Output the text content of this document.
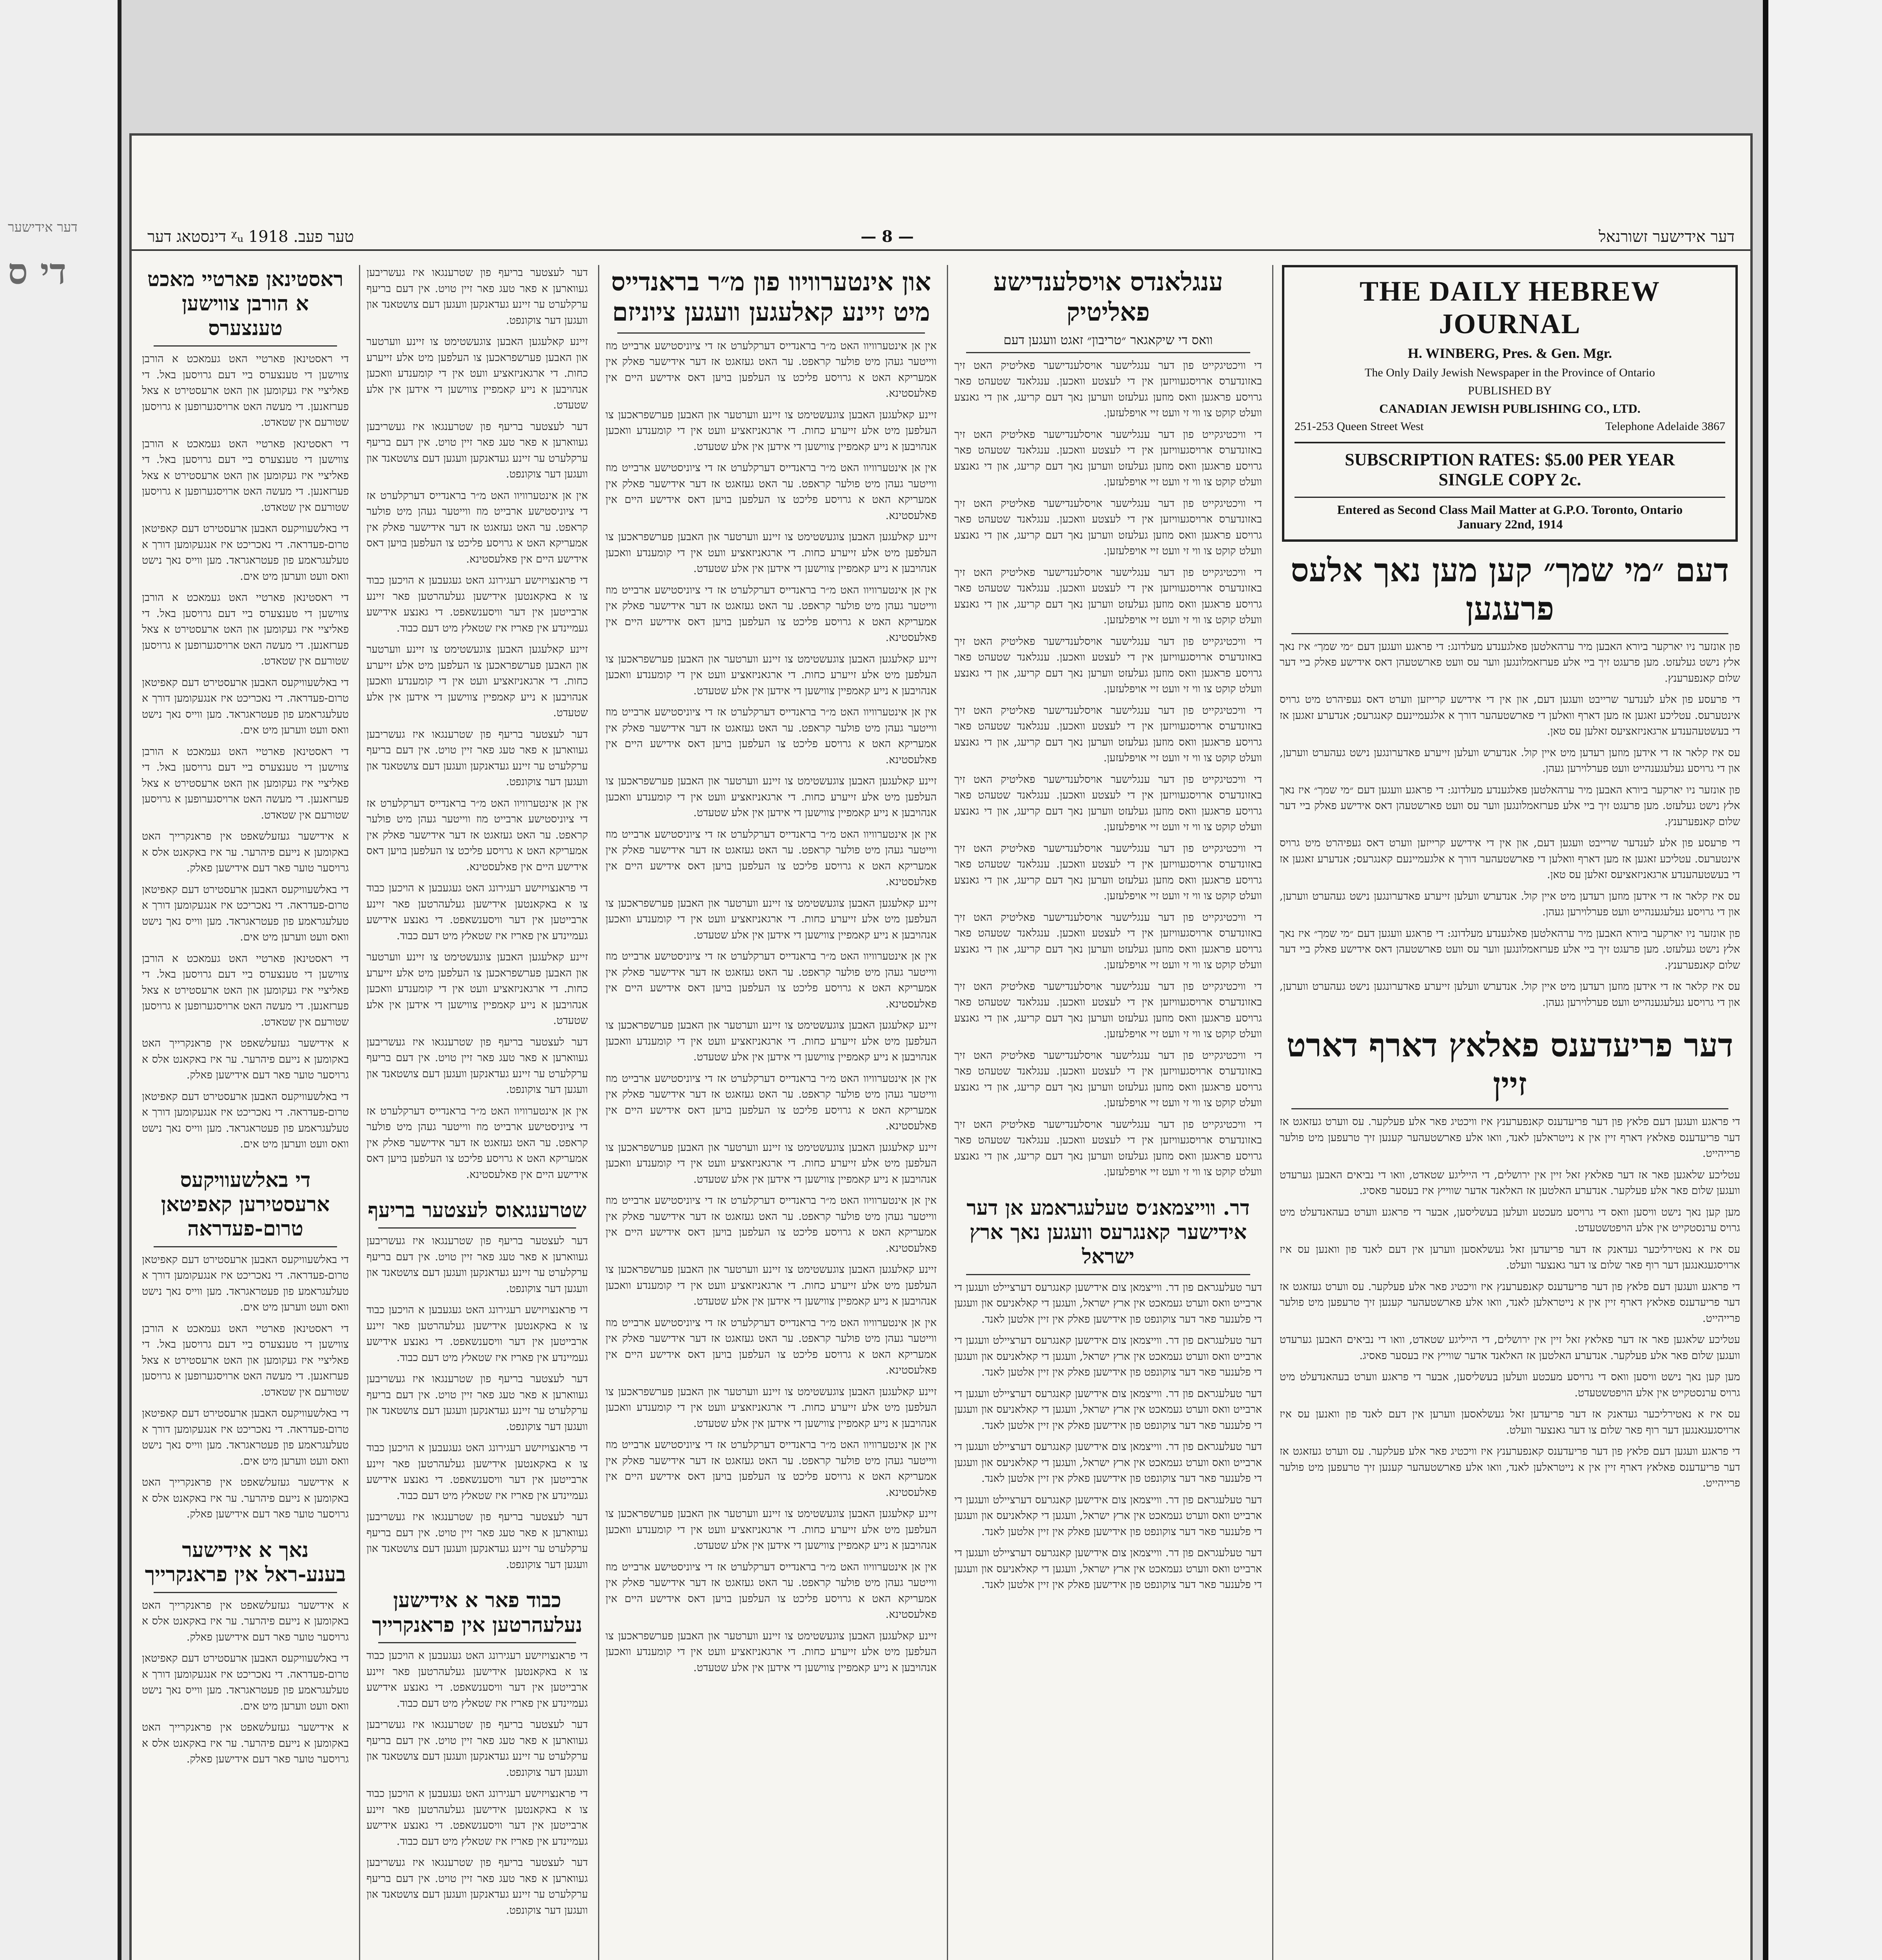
דער אידישער
די ס
דינסטאג דער ᵡᵤ טער פעב. 1918	— 8 —	דער אידישער זשורנאל
ראסטינאן פארטיי מאכט א הורבן צווישען טענצערס

די ראסטינאן פארטיי האט געמאכט א הורבן צווישען די טענצערס ביי דעם גרויסען באל. די פאליציי איז געקומען און האט ארעסטירט א צאל פערזאנען. די מעשה האט ארויסגערופען א גרויסען שטורעם אין שטאדט.

די ראסטינאן פארטיי האט געמאכט א הורבן צווישען די טענצערס ביי דעם גרויסען באל. די פאליציי איז געקומען און האט ארעסטירט א צאל פערזאנען. די מעשה האט ארויסגערופען א גרויסען שטורעם אין שטאדט.

די באלשעוויקעס האבען ארעסטירט דעם קאפיטאן טרום-פעדראה. די נאכריכט איז אנגעקומען דורך א טעלעגראמע פון פעטראגראד. מען ווייס נאך נישט וואס וועט ווערען מיט אים.

די ראסטינאן פארטיי האט געמאכט א הורבן צווישען די טענצערס ביי דעם גרויסען באל. די פאליציי איז געקומען און האט ארעסטירט א צאל פערזאנען. די מעשה האט ארויסגערופען א גרויסען שטורעם אין שטאדט.

די באלשעוויקעס האבען ארעסטירט דעם קאפיטאן טרום-פעדראה. די נאכריכט איז אנגעקומען דורך א טעלעגראמע פון פעטראגראד. מען ווייס נאך נישט וואס וועט ווערען מיט אים.

די ראסטינאן פארטיי האט געמאכט א הורבן צווישען די טענצערס ביי דעם גרויסען באל. די פאליציי איז געקומען און האט ארעסטירט א צאל פערזאנען. די מעשה האט ארויסגערופען א גרויסען שטורעם אין שטאדט.

א אידישער געזעלשאפט אין פראנקרייך האט באקומען א נייעם פיהרער. ער איז באקאנט אלס א גרויסער טוער פאר דעם אידישען פאלק.

די באלשעוויקעס האבען ארעסטירט דעם קאפיטאן טרום-פעדראה. די נאכריכט איז אנגעקומען דורך א טעלעגראמע פון פעטראגראד. מען ווייס נאך נישט וואס וועט ווערען מיט אים.

די ראסטינאן פארטיי האט געמאכט א הורבן צווישען די טענצערס ביי דעם גרויסען באל. די פאליציי איז געקומען און האט ארעסטירט א צאל פערזאנען. די מעשה האט ארויסגערופען א גרויסען שטורעם אין שטאדט.

א אידישער געזעלשאפט אין פראנקרייך האט באקומען א נייעם פיהרער. ער איז באקאנט אלס א גרויסער טוער פאר דעם אידישען פאלק.

די באלשעוויקעס האבען ארעסטירט דעם קאפיטאן טרום-פעדראה. די נאכריכט איז אנגעקומען דורך א טעלעגראמע פון פעטראגראד. מען ווייס נאך נישט וואס וועט ווערען מיט אים.

די באלשעוויקעס ארעסטירען קאפיטאן טרום-פעדראה

די באלשעוויקעס האבען ארעסטירט דעם קאפיטאן טרום-פעדראה. די נאכריכט איז אנגעקומען דורך א טעלעגראמע פון פעטראגראד. מען ווייס נאך נישט וואס וועט ווערען מיט אים.

די ראסטינאן פארטיי האט געמאכט א הורבן צווישען די טענצערס ביי דעם גרויסען באל. די פאליציי איז געקומען און האט ארעסטירט א צאל פערזאנען. די מעשה האט ארויסגערופען א גרויסען שטורעם אין שטאדט.

די באלשעוויקעס האבען ארעסטירט דעם קאפיטאן טרום-פעדראה. די נאכריכט איז אנגעקומען דורך א טעלעגראמע פון פעטראגראד. מען ווייס נאך נישט וואס וועט ווערען מיט אים.

א אידישער געזעלשאפט אין פראנקרייך האט באקומען א נייעם פיהרער. ער איז באקאנט אלס א גרויסער טוער פאר דעם אידישען פאלק.

נאך א אידישער בענע-ראל אין פראנקרייך

א אידישער געזעלשאפט אין פראנקרייך האט באקומען א נייעם פיהרער. ער איז באקאנט אלס א גרויסער טוער פאר דעם אידישען פאלק.

די באלשעוויקעס האבען ארעסטירט דעם קאפיטאן טרום-פעדראה. די נאכריכט איז אנגעקומען דורך א טעלעגראמע פון פעטראגראד. מען ווייס נאך נישט וואס וועט ווערען מיט אים.

א אידישער געזעלשאפט אין פראנקרייך האט באקומען א נייעם פיהרער. ער איז באקאנט אלס א גרויסער טוער פאר דעם אידישען פאלק.

דער לעצטער בריעף פון שטרענגאו איז געשריבען געווארען א פאר טעג פאר זיין טויט. אין דעם בריעף ערקלערט ער זיינע געדאנקען וועגען דעם צושטאנד און וועגען דער צוקונפט.

זיינע קאלעגען האבען צוגעשטימט צו זיינע ווערטער און האבען פערשפראכען צו העלפען מיט אלע זייערע כחות. די ארגאניזאציע וועט אין די קומענדע וואכען אנהויבען א נייע קאמפיין צווישען די אידען אין אלע שטעדט.

דער לעצטער בריעף פון שטרענגאו איז געשריבען געווארען א פאר טעג פאר זיין טויט. אין דעם בריעף ערקלערט ער זיינע געדאנקען וועגען דעם צושטאנד און וועגען דער צוקונפט.

אין אן אינטערוויוו האט מ״ר בראנדייס דערקלערט אז די ציוניסטישע ארבייט מוז ווייטער געהן מיט פולער קראפט. ער האט געזאגט אז דער אידישער פאלק אין אמעריקא האט א גרויסע פליכט צו העלפען בויען דאס אידישע היים אין פאלעסטינא.

די פראנצויזישע רעגירונג האט געגעבען א הויכען כבוד צו א באקאנטען אידישען געלעהרטען פאר זיינע ארבייטען אין דער וויסענשאפט. די גאנצע אידישע געמיינדע אין פאריז איז שטאלץ מיט דעם כבוד.

זיינע קאלעגען האבען צוגעשטימט צו זיינע ווערטער און האבען פערשפראכען צו העלפען מיט אלע זייערע כחות. די ארגאניזאציע וועט אין די קומענדע וואכען אנהויבען א נייע קאמפיין צווישען די אידען אין אלע שטעדט.

דער לעצטער בריעף פון שטרענגאו איז געשריבען געווארען א פאר טעג פאר זיין טויט. אין דעם בריעף ערקלערט ער זיינע געדאנקען וועגען דעם צושטאנד און וועגען דער צוקונפט.

אין אן אינטערוויוו האט מ״ר בראנדייס דערקלערט אז די ציוניסטישע ארבייט מוז ווייטער געהן מיט פולער קראפט. ער האט געזאגט אז דער אידישער פאלק אין אמעריקא האט א גרויסע פליכט צו העלפען בויען דאס אידישע היים אין פאלעסטינא.

די פראנצויזישע רעגירונג האט געגעבען א הויכען כבוד צו א באקאנטען אידישען געלעהרטען פאר זיינע ארבייטען אין דער וויסענשאפט. די גאנצע אידישע געמיינדע אין פאריז איז שטאלץ מיט דעם כבוד.

זיינע קאלעגען האבען צוגעשטימט צו זיינע ווערטער און האבען פערשפראכען צו העלפען מיט אלע זייערע כחות. די ארגאניזאציע וועט אין די קומענדע וואכען אנהויבען א נייע קאמפיין צווישען די אידען אין אלע שטעדט.

דער לעצטער בריעף פון שטרענגאו איז געשריבען געווארען א פאר טעג פאר זיין טויט. אין דעם בריעף ערקלערט ער זיינע געדאנקען וועגען דעם צושטאנד און וועגען דער צוקונפט.

אין אן אינטערוויוו האט מ״ר בראנדייס דערקלערט אז די ציוניסטישע ארבייט מוז ווייטער געהן מיט פולער קראפט. ער האט געזאגט אז דער אידישער פאלק אין אמעריקא האט א גרויסע פליכט צו העלפען בויען דאס אידישע היים אין פאלעסטינא.

שטרענגאוס לעצטער בריעף

דער לעצטער בריעף פון שטרענגאו איז געשריבען געווארען א פאר טעג פאר זיין טויט. אין דעם בריעף ערקלערט ער זיינע געדאנקען וועגען דעם צושטאנד און וועגען דער צוקונפט.

די פראנצויזישע רעגירונג האט געגעבען א הויכען כבוד צו א באקאנטען אידישען געלעהרטען פאר זיינע ארבייטען אין דער וויסענשאפט. די גאנצע אידישע געמיינדע אין פאריז איז שטאלץ מיט דעם כבוד.

דער לעצטער בריעף פון שטרענגאו איז געשריבען געווארען א פאר טעג פאר זיין טויט. אין דעם בריעף ערקלערט ער זיינע געדאנקען וועגען דעם צושטאנד און וועגען דער צוקונפט.

די פראנצויזישע רעגירונג האט געגעבען א הויכען כבוד צו א באקאנטען אידישען געלעהרטען פאר זיינע ארבייטען אין דער וויסענשאפט. די גאנצע אידישע געמיינדע אין פאריז איז שטאלץ מיט דעם כבוד.

דער לעצטער בריעף פון שטרענגאו איז געשריבען געווארען א פאר טעג פאר זיין טויט. אין דעם בריעף ערקלערט ער זיינע געדאנקען וועגען דעם צושטאנד און וועגען דער צוקונפט.

כבוד פאר א אידישען נעלעהרטען אין פראנקרייך

די פראנצויזישע רעגירונג האט געגעבען א הויכען כבוד צו א באקאנטען אידישען געלעהרטען פאר זיינע ארבייטען אין דער וויסענשאפט. די גאנצע אידישע געמיינדע אין פאריז איז שטאלץ מיט דעם כבוד.

דער לעצטער בריעף פון שטרענגאו איז געשריבען געווארען א פאר טעג פאר זיין טויט. אין דעם בריעף ערקלערט ער זיינע געדאנקען וועגען דעם צושטאנד און וועגען דער צוקונפט.

די פראנצויזישע רעגירונג האט געגעבען א הויכען כבוד צו א באקאנטען אידישען געלעהרטען פאר זיינע ארבייטען אין דער וויסענשאפט. די גאנצע אידישע געמיינדע אין פאריז איז שטאלץ מיט דעם כבוד.

דער לעצטער בריעף פון שטרענגאו איז געשריבען געווארען א פאר טעג פאר זיין טויט. אין דעם בריעף ערקלערט ער זיינע געדאנקען וועגען דעם צושטאנד און וועגען דער צוקונפט.

און אינטערוויוו פון מ״ר בראנדייס מיט זיינע קאלעגען וועגען ציוניזם

אין אן אינטערוויוו האט מ״ר בראנדייס דערקלערט אז די ציוניסטישע ארבייט מוז ווייטער געהן מיט פולער קראפט. ער האט געזאגט אז דער אידישער פאלק אין אמעריקא האט א גרויסע פליכט צו העלפען בויען דאס אידישע היים אין פאלעסטינא.

זיינע קאלעגען האבען צוגעשטימט צו זיינע ווערטער און האבען פערשפראכען צו העלפען מיט אלע זייערע כחות. די ארגאניזאציע וועט אין די קומענדע וואכען אנהויבען א נייע קאמפיין צווישען די אידען אין אלע שטעדט.

אין אן אינטערוויוו האט מ״ר בראנדייס דערקלערט אז די ציוניסטישע ארבייט מוז ווייטער געהן מיט פולער קראפט. ער האט געזאגט אז דער אידישער פאלק אין אמעריקא האט א גרויסע פליכט צו העלפען בויען דאס אידישע היים אין פאלעסטינא.

זיינע קאלעגען האבען צוגעשטימט צו זיינע ווערטער און האבען פערשפראכען צו העלפען מיט אלע זייערע כחות. די ארגאניזאציע וועט אין די קומענדע וואכען אנהויבען א נייע קאמפיין צווישען די אידען אין אלע שטעדט.

אין אן אינטערוויוו האט מ״ר בראנדייס דערקלערט אז די ציוניסטישע ארבייט מוז ווייטער געהן מיט פולער קראפט. ער האט געזאגט אז דער אידישער פאלק אין אמעריקא האט א גרויסע פליכט צו העלפען בויען דאס אידישע היים אין פאלעסטינא.

זיינע קאלעגען האבען צוגעשטימט צו זיינע ווערטער און האבען פערשפראכען צו העלפען מיט אלע זייערע כחות. די ארגאניזאציע וועט אין די קומענדע וואכען אנהויבען א נייע קאמפיין צווישען די אידען אין אלע שטעדט.

אין אן אינטערוויוו האט מ״ר בראנדייס דערקלערט אז די ציוניסטישע ארבייט מוז ווייטער געהן מיט פולער קראפט. ער האט געזאגט אז דער אידישער פאלק אין אמעריקא האט א גרויסע פליכט צו העלפען בויען דאס אידישע היים אין פאלעסטינא.

זיינע קאלעגען האבען צוגעשטימט צו זיינע ווערטער און האבען פערשפראכען צו העלפען מיט אלע זייערע כחות. די ארגאניזאציע וועט אין די קומענדע וואכען אנהויבען א נייע קאמפיין צווישען די אידען אין אלע שטעדט.

אין אן אינטערוויוו האט מ״ר בראנדייס דערקלערט אז די ציוניסטישע ארבייט מוז ווייטער געהן מיט פולער קראפט. ער האט געזאגט אז דער אידישער פאלק אין אמעריקא האט א גרויסע פליכט צו העלפען בויען דאס אידישע היים אין פאלעסטינא.

זיינע קאלעגען האבען צוגעשטימט צו זיינע ווערטער און האבען פערשפראכען צו העלפען מיט אלע זייערע כחות. די ארגאניזאציע וועט אין די קומענדע וואכען אנהויבען א נייע קאמפיין צווישען די אידען אין אלע שטעדט.

אין אן אינטערוויוו האט מ״ר בראנדייס דערקלערט אז די ציוניסטישע ארבייט מוז ווייטער געהן מיט פולער קראפט. ער האט געזאגט אז דער אידישער פאלק אין אמעריקא האט א גרויסע פליכט צו העלפען בויען דאס אידישע היים אין פאלעסטינא.

זיינע קאלעגען האבען צוגעשטימט צו זיינע ווערטער און האבען פערשפראכען צו העלפען מיט אלע זייערע כחות. די ארגאניזאציע וועט אין די קומענדע וואכען אנהויבען א נייע קאמפיין צווישען די אידען אין אלע שטעדט.

אין אן אינטערוויוו האט מ״ר בראנדייס דערקלערט אז די ציוניסטישע ארבייט מוז ווייטער געהן מיט פולער קראפט. ער האט געזאגט אז דער אידישער פאלק אין אמעריקא האט א גרויסע פליכט צו העלפען בויען דאס אידישע היים אין פאלעסטינא.

זיינע קאלעגען האבען צוגעשטימט צו זיינע ווערטער און האבען פערשפראכען צו העלפען מיט אלע זייערע כחות. די ארגאניזאציע וועט אין די קומענדע וואכען אנהויבען א נייע קאמפיין צווישען די אידען אין אלע שטעדט.

אין אן אינטערוויוו האט מ״ר בראנדייס דערקלערט אז די ציוניסטישע ארבייט מוז ווייטער געהן מיט פולער קראפט. ער האט געזאגט אז דער אידישער פאלק אין אמעריקא האט א גרויסע פליכט צו העלפען בויען דאס אידישע היים אין פאלעסטינא.

זיינע קאלעגען האבען צוגעשטימט צו זיינע ווערטער און האבען פערשפראכען צו העלפען מיט אלע זייערע כחות. די ארגאניזאציע וועט אין די קומענדע וואכען אנהויבען א נייע קאמפיין צווישען די אידען אין אלע שטעדט.

אין אן אינטערוויוו האט מ״ר בראנדייס דערקלערט אז די ציוניסטישע ארבייט מוז ווייטער געהן מיט פולער קראפט. ער האט געזאגט אז דער אידישער פאלק אין אמעריקא האט א גרויסע פליכט צו העלפען בויען דאס אידישע היים אין פאלעסטינא.

זיינע קאלעגען האבען צוגעשטימט צו זיינע ווערטער און האבען פערשפראכען צו העלפען מיט אלע זייערע כחות. די ארגאניזאציע וועט אין די קומענדע וואכען אנהויבען א נייע קאמפיין צווישען די אידען אין אלע שטעדט.

אין אן אינטערוויוו האט מ״ר בראנדייס דערקלערט אז די ציוניסטישע ארבייט מוז ווייטער געהן מיט פולער קראפט. ער האט געזאגט אז דער אידישער פאלק אין אמעריקא האט א גרויסע פליכט צו העלפען בויען דאס אידישע היים אין פאלעסטינא.

זיינע קאלעגען האבען צוגעשטימט צו זיינע ווערטער און האבען פערשפראכען צו העלפען מיט אלע זייערע כחות. די ארגאניזאציע וועט אין די קומענדע וואכען אנהויבען א נייע קאמפיין צווישען די אידען אין אלע שטעדט.

אין אן אינטערוויוו האט מ״ר בראנדייס דערקלערט אז די ציוניסטישע ארבייט מוז ווייטער געהן מיט פולער קראפט. ער האט געזאגט אז דער אידישער פאלק אין אמעריקא האט א גרויסע פליכט צו העלפען בויען דאס אידישע היים אין פאלעסטינא.

זיינע קאלעגען האבען צוגעשטימט צו זיינע ווערטער און האבען פערשפראכען צו העלפען מיט אלע זייערע כחות. די ארגאניזאציע וועט אין די קומענדע וואכען אנהויבען א נייע קאמפיין צווישען די אידען אין אלע שטעדט.

ענגלאנדס אויסלענדישע פאליטיק
וואס די שיקאגאר ״טריבון״ זאגט וועגען דעם

די וויכטיגקייט פון דער ענגלישער אויסלענדישער פאליטיק האט זיך באזונדערס ארויסגעוויזען אין די לעצטע וואכען. ענגלאנד שטעהט פאר גרויסע פראגען וואס מוזען געלעזט ווערען נאך דעם קריעג, און די גאנצע וועלט קוקט צו ווי זי וועט זיי אויפלעזען.

די וויכטיגקייט פון דער ענגלישער אויסלענדישער פאליטיק האט זיך באזונדערס ארויסגעוויזען אין די לעצטע וואכען. ענגלאנד שטעהט פאר גרויסע פראגען וואס מוזען געלעזט ווערען נאך דעם קריעג, און די גאנצע וועלט קוקט צו ווי זי וועט זיי אויפלעזען.

די וויכטיגקייט פון דער ענגלישער אויסלענדישער פאליטיק האט זיך באזונדערס ארויסגעוויזען אין די לעצטע וואכען. ענגלאנד שטעהט פאר גרויסע פראגען וואס מוזען געלעזט ווערען נאך דעם קריעג, און די גאנצע וועלט קוקט צו ווי זי וועט זיי אויפלעזען.

די וויכטיגקייט פון דער ענגלישער אויסלענדישער פאליטיק האט זיך באזונדערס ארויסגעוויזען אין די לעצטע וואכען. ענגלאנד שטעהט פאר גרויסע פראגען וואס מוזען געלעזט ווערען נאך דעם קריעג, און די גאנצע וועלט קוקט צו ווי זי וועט זיי אויפלעזען.

די וויכטיגקייט פון דער ענגלישער אויסלענדישער פאליטיק האט זיך באזונדערס ארויסגעוויזען אין די לעצטע וואכען. ענגלאנד שטעהט פאר גרויסע פראגען וואס מוזען געלעזט ווערען נאך דעם קריעג, און די גאנצע וועלט קוקט צו ווי זי וועט זיי אויפלעזען.

די וויכטיגקייט פון דער ענגלישער אויסלענדישער פאליטיק האט זיך באזונדערס ארויסגעוויזען אין די לעצטע וואכען. ענגלאנד שטעהט פאר גרויסע פראגען וואס מוזען געלעזט ווערען נאך דעם קריעג, און די גאנצע וועלט קוקט צו ווי זי וועט זיי אויפלעזען.

די וויכטיגקייט פון דער ענגלישער אויסלענדישער פאליטיק האט זיך באזונדערס ארויסגעוויזען אין די לעצטע וואכען. ענגלאנד שטעהט פאר גרויסע פראגען וואס מוזען געלעזט ווערען נאך דעם קריעג, און די גאנצע וועלט קוקט צו ווי זי וועט זיי אויפלעזען.

די וויכטיגקייט פון דער ענגלישער אויסלענדישער פאליטיק האט זיך באזונדערס ארויסגעוויזען אין די לעצטע וואכען. ענגלאנד שטעהט פאר גרויסע פראגען וואס מוזען געלעזט ווערען נאך דעם קריעג, און די גאנצע וועלט קוקט צו ווי זי וועט זיי אויפלעזען.

די וויכטיגקייט פון דער ענגלישער אויסלענדישער פאליטיק האט זיך באזונדערס ארויסגעוויזען אין די לעצטע וואכען. ענגלאנד שטעהט פאר גרויסע פראגען וואס מוזען געלעזט ווערען נאך דעם קריעג, און די גאנצע וועלט קוקט צו ווי זי וועט זיי אויפלעזען.

די וויכטיגקייט פון דער ענגלישער אויסלענדישער פאליטיק האט זיך באזונדערס ארויסגעוויזען אין די לעצטע וואכען. ענגלאנד שטעהט פאר גרויסע פראגען וואס מוזען געלעזט ווערען נאך דעם קריעג, און די גאנצע וועלט קוקט צו ווי זי וועט זיי אויפלעזען.

די וויכטיגקייט פון דער ענגלישער אויסלענדישער פאליטיק האט זיך באזונדערס ארויסגעוויזען אין די לעצטע וואכען. ענגלאנד שטעהט פאר גרויסע פראגען וואס מוזען געלעזט ווערען נאך דעם קריעג, און די גאנצע וועלט קוקט צו ווי זי וועט זיי אויפלעזען.

די וויכטיגקייט פון דער ענגלישער אויסלענדישער פאליטיק האט זיך באזונדערס ארויסגעוויזען אין די לעצטע וואכען. ענגלאנד שטעהט פאר גרויסע פראגען וואס מוזען געלעזט ווערען נאך דעם קריעג, און די גאנצע וועלט קוקט צו ווי זי וועט זיי אויפלעזען.

דר. ווייצמאנ׳ס טעלעגראמע אן דער אידישער קאנגרעס וועגען נאך ארץ ישראל

דער טעלעגראם פון דר. ווייצמאן צום אידישען קאנגרעס דערציילט וועגען די ארבייט וואס ווערט געמאכט אין ארץ ישראל, וועגען די קאלאניעס און וועגען די פלענער פאר דער צוקונפט פון אידישען פאלק אין זיין אלטען לאנד.

דער טעלעגראם פון דר. ווייצמאן צום אידישען קאנגרעס דערציילט וועגען די ארבייט וואס ווערט געמאכט אין ארץ ישראל, וועגען די קאלאניעס און וועגען די פלענער פאר דער צוקונפט פון אידישען פאלק אין זיין אלטען לאנד.

דער טעלעגראם פון דר. ווייצמאן צום אידישען קאנגרעס דערציילט וועגען די ארבייט וואס ווערט געמאכט אין ארץ ישראל, וועגען די קאלאניעס און וועגען די פלענער פאר דער צוקונפט פון אידישען פאלק אין זיין אלטען לאנד.

דער טעלעגראם פון דר. ווייצמאן צום אידישען קאנגרעס דערציילט וועגען די ארבייט וואס ווערט געמאכט אין ארץ ישראל, וועגען די קאלאניעס און וועגען די פלענער פאר דער צוקונפט פון אידישען פאלק אין זיין אלטען לאנד.

דער טעלעגראם פון דר. ווייצמאן צום אידישען קאנגרעס דערציילט וועגען די ארבייט וואס ווערט געמאכט אין ארץ ישראל, וועגען די קאלאניעס און וועגען די פלענער פאר דער צוקונפט פון אידישען פאלק אין זיין אלטען לאנד.

דער טעלעגראם פון דר. ווייצמאן צום אידישען קאנגרעס דערציילט וועגען די ארבייט וואס ווערט געמאכט אין ארץ ישראל, וועגען די קאלאניעס און וועגען די פלענער פאר דער צוקונפט פון אידישען פאלק אין זיין אלטען לאנד.

THE DAILY HEBREW JOURNAL
H. WINBERG, Pres. & Gen. Mgr.
The Only Daily Jewish Newspaper in the Province of Ontario
PUBLISHED BY
CANADIAN JEWISH PUBLISHING CO., LTD.
251-253 Queen Street West	Telephone Adelaide 3867
SUBSCRIPTION RATES: $5.00 PER YEAR
SINGLE COPY 2c.
Entered as Second Class Mail Matter at G.P.O. Toronto, Ontario
January 22nd, 1914
דעם ״מי שמך״ קען מען נאך אלעס פרעגען

פון אונזער ניו יארקער ביורא האבען מיר ערהאלטען פאלגענדע מעלדונג: די פראגע וועגען דעם ״מי שמך״ איז נאך אלץ נישט געלעזט. מען פרעגט זיך ביי אלע פערזאמלונגען ווער עס וועט פארשטעהן דאס אידישע פאלק ביי דער שלום קאנפערענץ.

די פרעסע פון אלע לענדער שרייבט וועגען דעם, און אין די אידישע קרייזען ווערט דאס געפיהרט מיט גרויס אינטערעס. עטליכע זאגען אז מען דארף וואלען די פארשטעהער דורך א אלגעמיינעם קאנגרעס; אנדערע זאגען אז די בעשטעהענדע ארגאניזאציעס זאלען עס טאן.

עס איז קלאר אז די אידען מוזען רעדען מיט איין קול. אנדערש וועלען זייערע פאדערונגען נישט געהערט ווערען, און די גרויסע געלעגענהייט וועט פערלוירען געהן.

פון אונזער ניו יארקער ביורא האבען מיר ערהאלטען פאלגענדע מעלדונג: די פראגע וועגען דעם ״מי שמך״ איז נאך אלץ נישט געלעזט. מען פרעגט זיך ביי אלע פערזאמלונגען ווער עס וועט פארשטעהן דאס אידישע פאלק ביי דער שלום קאנפערענץ.

די פרעסע פון אלע לענדער שרייבט וועגען דעם, און אין די אידישע קרייזען ווערט דאס געפיהרט מיט גרויס אינטערעס. עטליכע זאגען אז מען דארף וואלען די פארשטעהער דורך א אלגעמיינעם קאנגרעס; אנדערע זאגען אז די בעשטעהענדע ארגאניזאציעס זאלען עס טאן.

עס איז קלאר אז די אידען מוזען רעדען מיט איין קול. אנדערש וועלען זייערע פאדערונגען נישט געהערט ווערען, און די גרויסע געלעגענהייט וועט פערלוירען געהן.

פון אונזער ניו יארקער ביורא האבען מיר ערהאלטען פאלגענדע מעלדונג: די פראגע וועגען דעם ״מי שמך״ איז נאך אלץ נישט געלעזט. מען פרעגט זיך ביי אלע פערזאמלונגען ווער עס וועט פארשטעהן דאס אידישע פאלק ביי דער שלום קאנפערענץ.

עס איז קלאר אז די אידען מוזען רעדען מיט איין קול. אנדערש וועלען זייערע פאדערונגען נישט געהערט ווערען, און די גרויסע געלעגענהייט וועט פערלוירען געהן.

דער פריעדענס פאלאץ דארף דארט זיין

די פראגע וועגען דעם פלאץ פון דער פריעדענס קאנפערענץ איז וויכטיג פאר אלע פעלקער. עס ווערט געזאגט אז דער פריעדענס פאלאץ דארף זיין אין א נייטראלען לאנד, וואו אלע פארשטעהער קענען זיך טרעפען מיט פולער פרייהייט.

עטליכע שלאגען פאר אז דער פאלאץ זאל זיין אין ירושלים, די הייליגע שטאדט, וואו די נביאים האבען גערעדט וועגען שלום פאר אלע פעלקער. אנדערע האלטען אז האלאנד אדער שווייץ איז בעסער פאסיג.

מען קען נאך נישט וויסען וואס די גרויסע מעכטע וועלען בעשליסען, אבער די פראגע ווערט בעהאנדעלט מיט גרויס ערנסטקייט אין אלע הויפטשטעדט.

עס איז א נאטירליכער געדאנק אז דער פריעדען זאל געשלאסען ווערען אין דעם לאנד פון וואנען עס איז ארויסגעגאנגען דער רוף פאר שלום צו דער גאנצער וועלט.

די פראגע וועגען דעם פלאץ פון דער פריעדענס קאנפערענץ איז וויכטיג פאר אלע פעלקער. עס ווערט געזאגט אז דער פריעדענס פאלאץ דארף זיין אין א נייטראלען לאנד, וואו אלע פארשטעהער קענען זיך טרעפען מיט פולער פרייהייט.

עטליכע שלאגען פאר אז דער פאלאץ זאל זיין אין ירושלים, די הייליגע שטאדט, וואו די נביאים האבען גערעדט וועגען שלום פאר אלע פעלקער. אנדערע האלטען אז האלאנד אדער שווייץ איז בעסער פאסיג.

מען קען נאך נישט וויסען וואס די גרויסע מעכטע וועלען בעשליסען, אבער די פראגע ווערט בעהאנדעלט מיט גרויס ערנסטקייט אין אלע הויפטשטעדט.

עס איז א נאטירליכער געדאנק אז דער פריעדען זאל געשלאסען ווערען אין דעם לאנד פון וואנען עס איז ארויסגעגאנגען דער רוף פאר שלום צו דער גאנצער וועלט.

די פראגע וועגען דעם פלאץ פון דער פריעדענס קאנפערענץ איז וויכטיג פאר אלע פעלקער. עס ווערט געזאגט אז דער פריעדענס פאלאץ דארף זיין אין א נייטראלען לאנד, וואו אלע פארשטעהער קענען זיך טרעפען מיט פולער פרייהייט.
